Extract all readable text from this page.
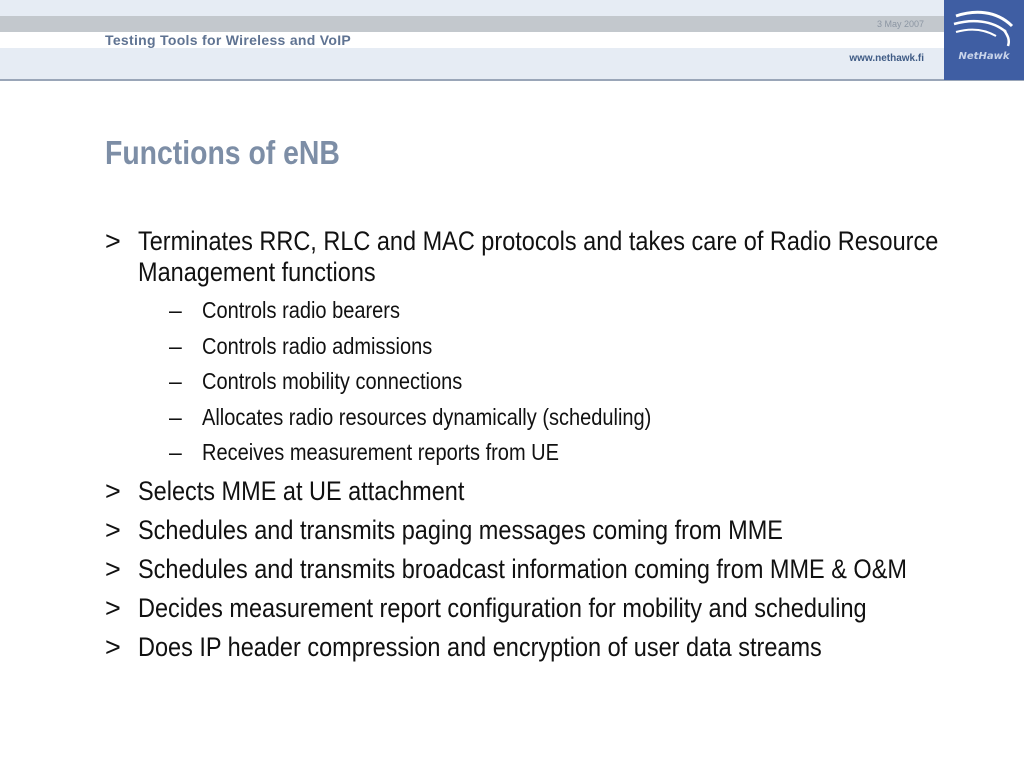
Testing Tools for Wireless and VoIP
3 May 2007
www.nethawk.fi	NetHawk
Functions of eNB
> Terminates RRC, RLC and MAC protocols and takes care of Radio Resource Management functions
– Controls radio bearers
– Controls radio admissions
– Controls mobility connections
– Allocates radio resources dynamically (scheduling)
– Receives measurement reports from UE
> Selects MME at UE attachment
> Schedules and transmits paging messages coming from MME
> Schedules and transmits broadcast information coming from MME & O&M
> Decides measurement report configuration for mobility and scheduling
> Does IP header compression and encryption of user data streams
